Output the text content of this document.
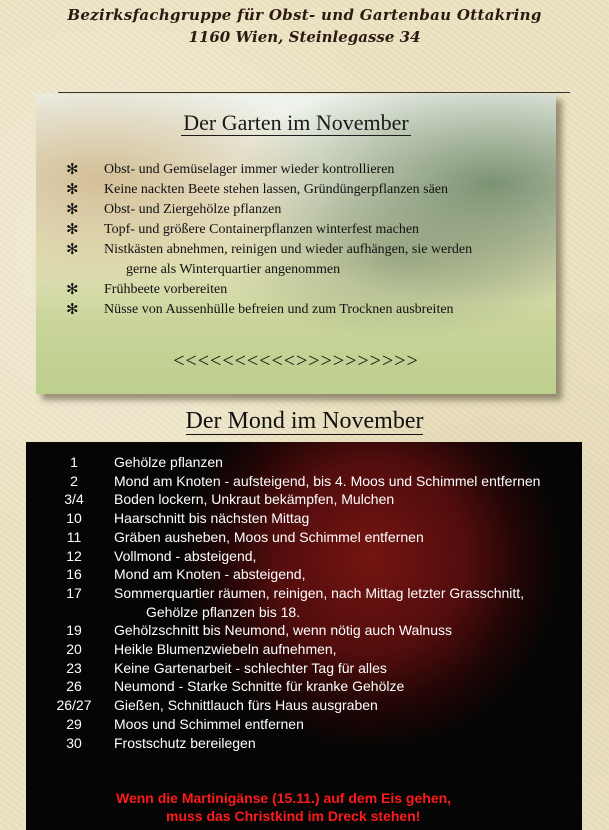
Bezirksfachgruppe für Obst- und Gartenbau Ottakring
1160 Wien, Steinlegasse 34
Der Garten im November
✻	Obst- und Gemüselager immer wieder kontrollieren
✻	Keine nackten Beete stehen lassen, Gründüngerpflanzen säen
✻	Obst- und Ziergehölze pflanzen
✻	Topf- und größere Containerpflanzen winterfest machen
✻	Nistkästen abnehmen, reinigen und wieder aufhängen, sie werden
gerne als Winterquartier angenommen
✻	Frühbeete vorbereiten
✻	Nüsse von Aussenhülle befreien und zum Trocknen ausbreiten
<<<<<<<<<<>>>>>>>>>>
Der Mond im November
1	Gehölze pflanzen
2	Mond am Knoten - aufsteigend, bis 4. Moos und Schimmel entfernen
3/4	Boden lockern, Unkraut bekämpfen, Mulchen
10	Haarschnitt bis nächsten Mittag
11	Gräben ausheben, Moos und Schimmel entfernen
12	Vollmond - absteigend,
16	Mond am Knoten - absteigend,
17	Sommerquartier räumen, reinigen, nach Mittag letzter Grasschnitt,
Gehölze pflanzen bis 18.
19	Gehölzschnitt bis Neumond, wenn nötig auch Walnuss
20	Heikle Blumenzwiebeln aufnehmen,
23	Keine Gartenarbeit - schlechter Tag für alles
26	Neumond - Starke Schnitte für kranke Gehölze
26/27	Gießen, Schnittlauch fürs Haus ausgraben
29	Moos und Schimmel entfernen
30	Frostschutz bereilegen
Wenn die Martinigänse (15.11.) auf dem Eis gehen,
muss das Christkind im Dreck stehen!
